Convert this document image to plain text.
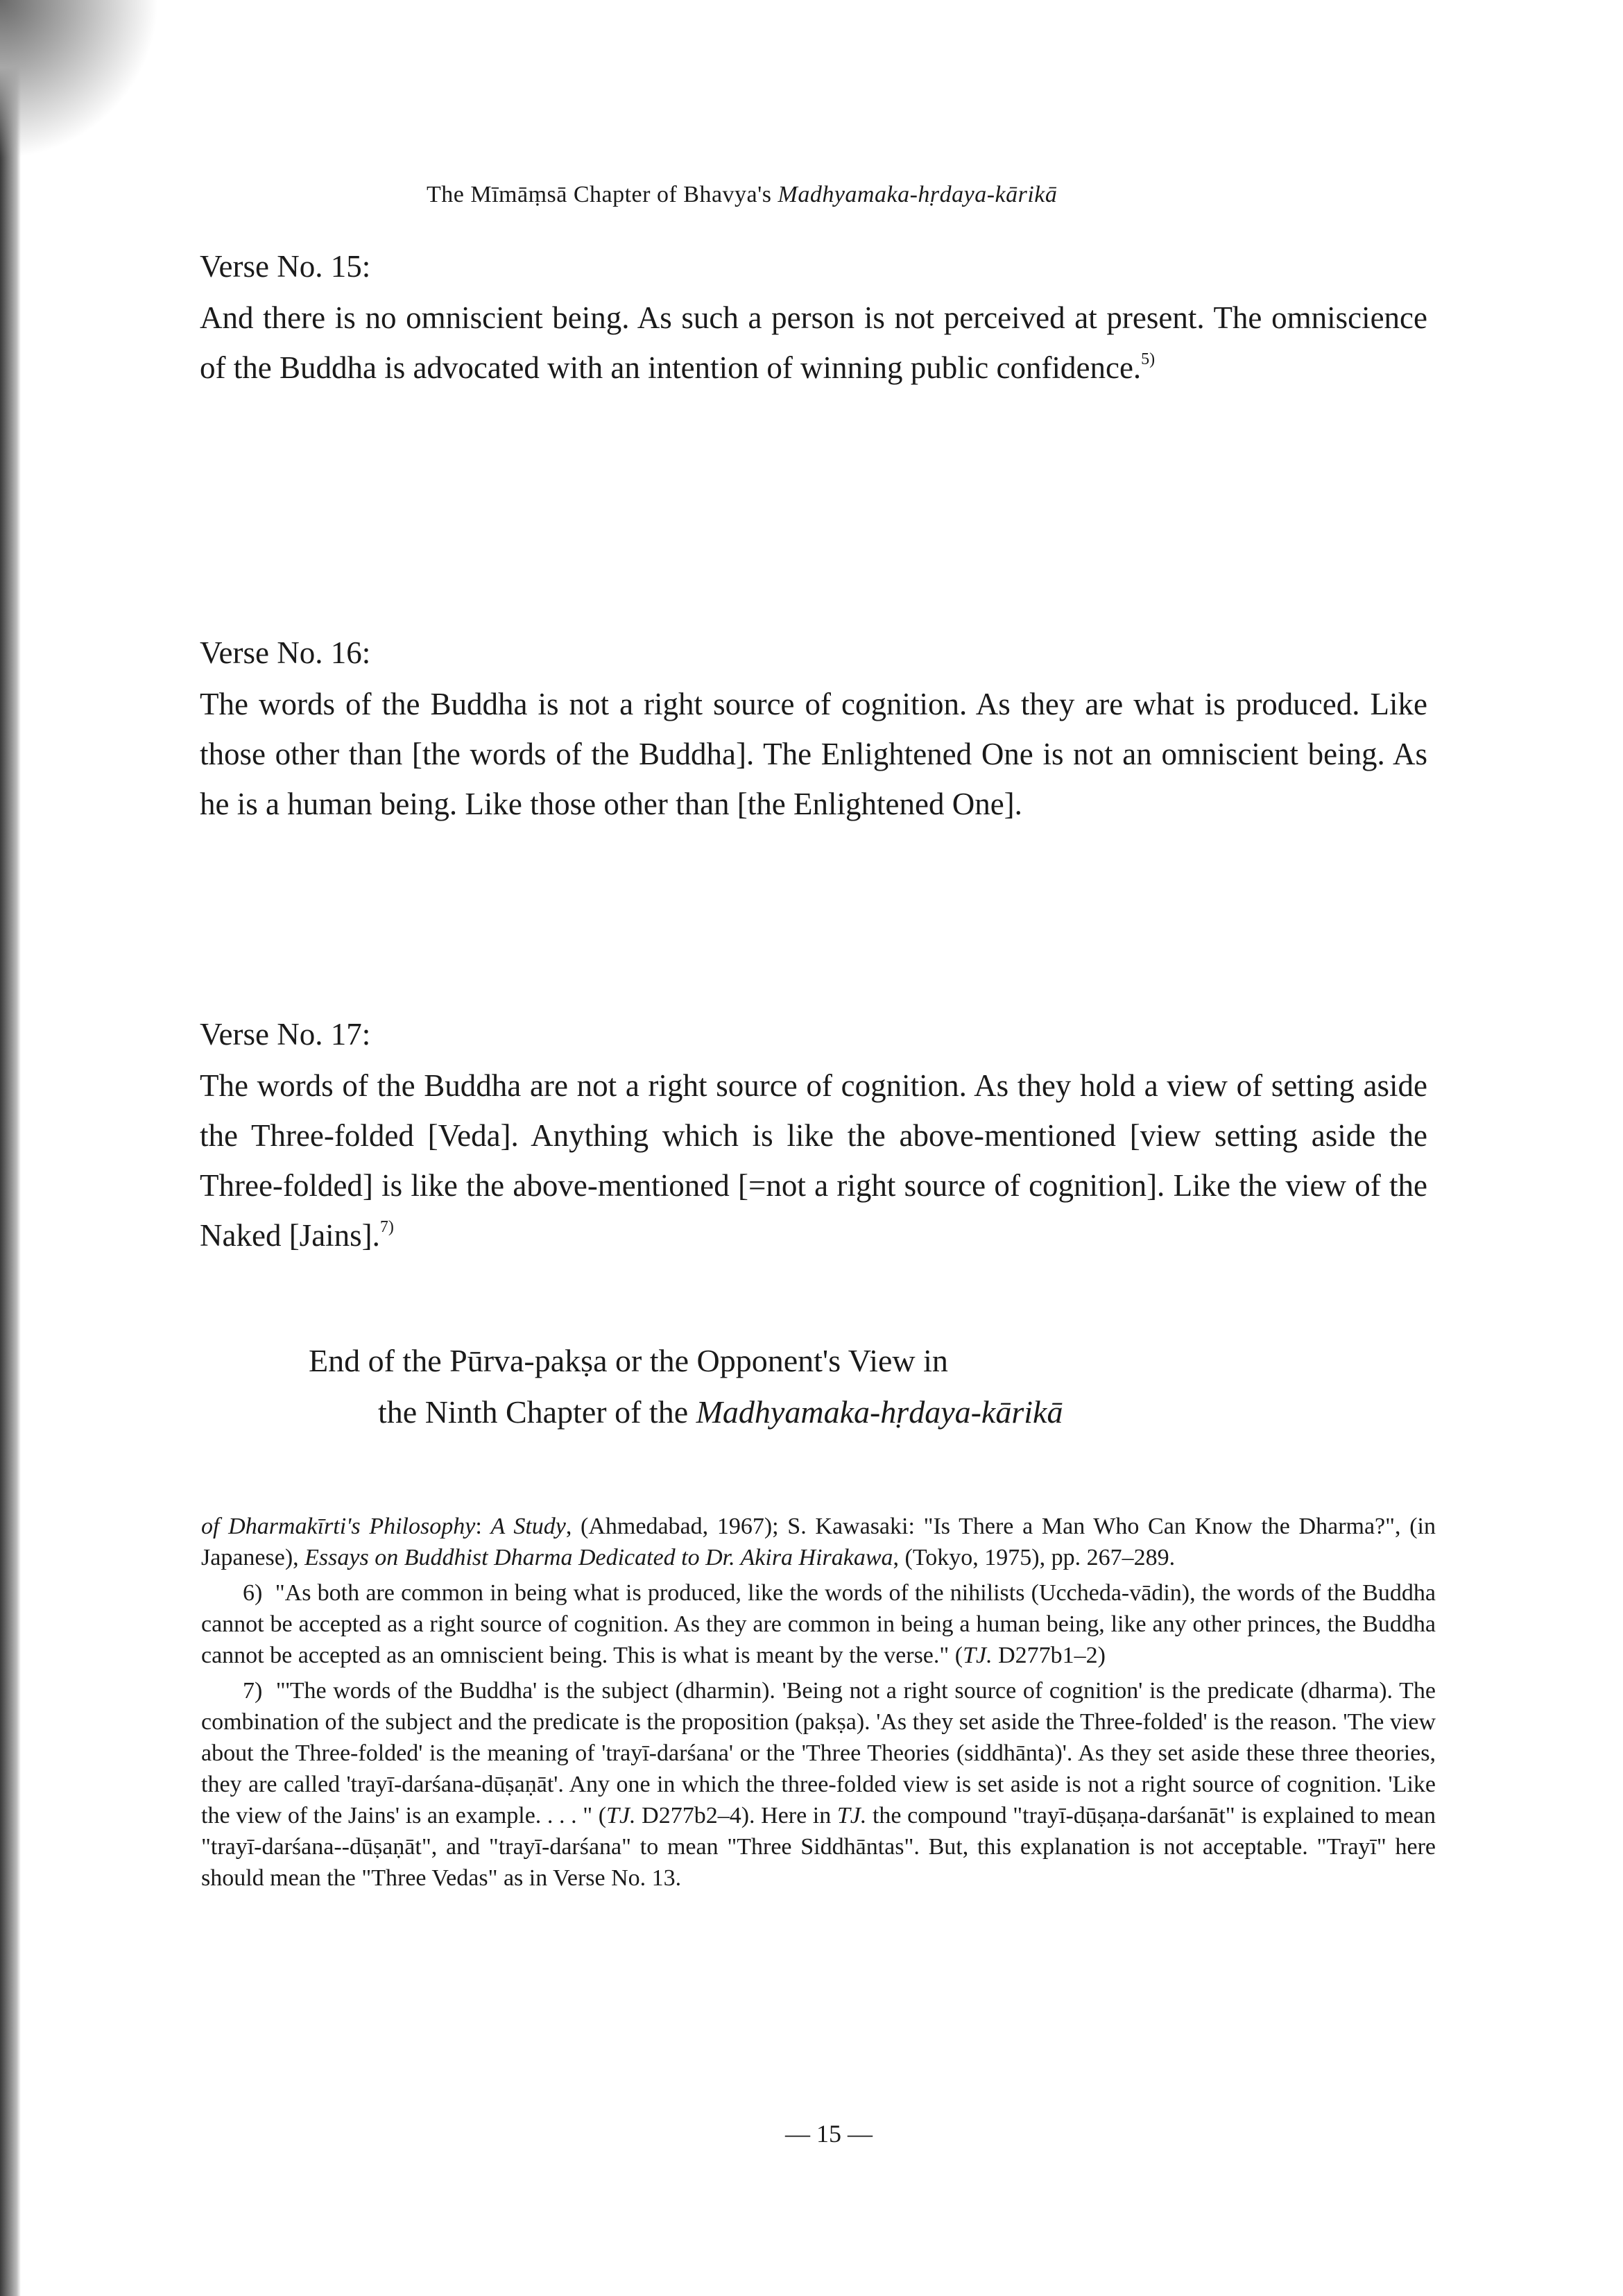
The Mīmāṃsā Chapter of Bhavya's Madhyamaka-hṛdaya-kārikā
Verse No. 15:

And there is no omniscient being. As such a person is not perceived at present. The omniscience of the Buddha is advocated with an intention of winning public confidence.$^{5)}$

Verse No. 16:

The words of the Buddha is not a right source of cognition. As they are what is produced. Like those other than [the words of the Buddha]. The Enlightened One is not an omniscient being. As he is a human being. Like those other than [the Enlightened One].

Verse No. 17:

The words of the Buddha are not a right source of cognition. As they hold a view of setting aside the Three-folded [Veda]. Anything which is like the above-mentioned [view setting aside the Three-folded] is like the above-mentioned [=not a right source of cognition]. Like the view of the Naked [Jains].$^{7)}$

End of the Pūrva-pakṣa or the Opponent's View in
the Ninth Chapter of the Madhyamaka-hṛdaya-kārikā

of Dharmakīrti's Philosophy: A Study, (Ahmedabad, 1967); S. Kawasaki: "Is There a Man Who Can Know the Dharma?", (in Japanese), Essays on Buddhist Dharma Dedicated to Dr. Akira Hirakawa, (Tokyo, 1975), pp. 267–289.

6) "As both are common in being what is produced, like the words of the nihilists (Uccheda-vādin), the words of the Buddha cannot be accepted as a right source of cognition. As they are common in being a human being, like any other princes, the Buddha cannot be accepted as an omniscient being. This is what is meant by the verse." (TJ. D277b1–2)

7) "'The words of the Buddha' is the subject (dharmin). 'Being not a right source of cognition' is the predicate (dharma). The combination of the subject and the predicate is the proposition (pakṣa). 'As they set aside the Three-folded' is the reason. 'The view about the Three-folded' is the meaning of 'trayī-darśana' or the 'Three Theories (siddhānta)'. As they set aside these three theories, they are called 'trayī-darśana-dūṣaṇāt'. Any one in which the three-folded view is set aside is not a right source of cognition. 'Like the view of the Jains' is an example. . . . " (TJ. D277b2–4). Here in TJ. the compound "trayī-dūṣaṇa-darśanāt" is explained to mean "trayī-darśana--dūṣaṇāt", and "trayī-darśana" to mean "Three Siddhāntas". But, this explanation is not acceptable. "Trayī" here should mean the "Three Vedas" as in Verse No. 13.

— 15 —
